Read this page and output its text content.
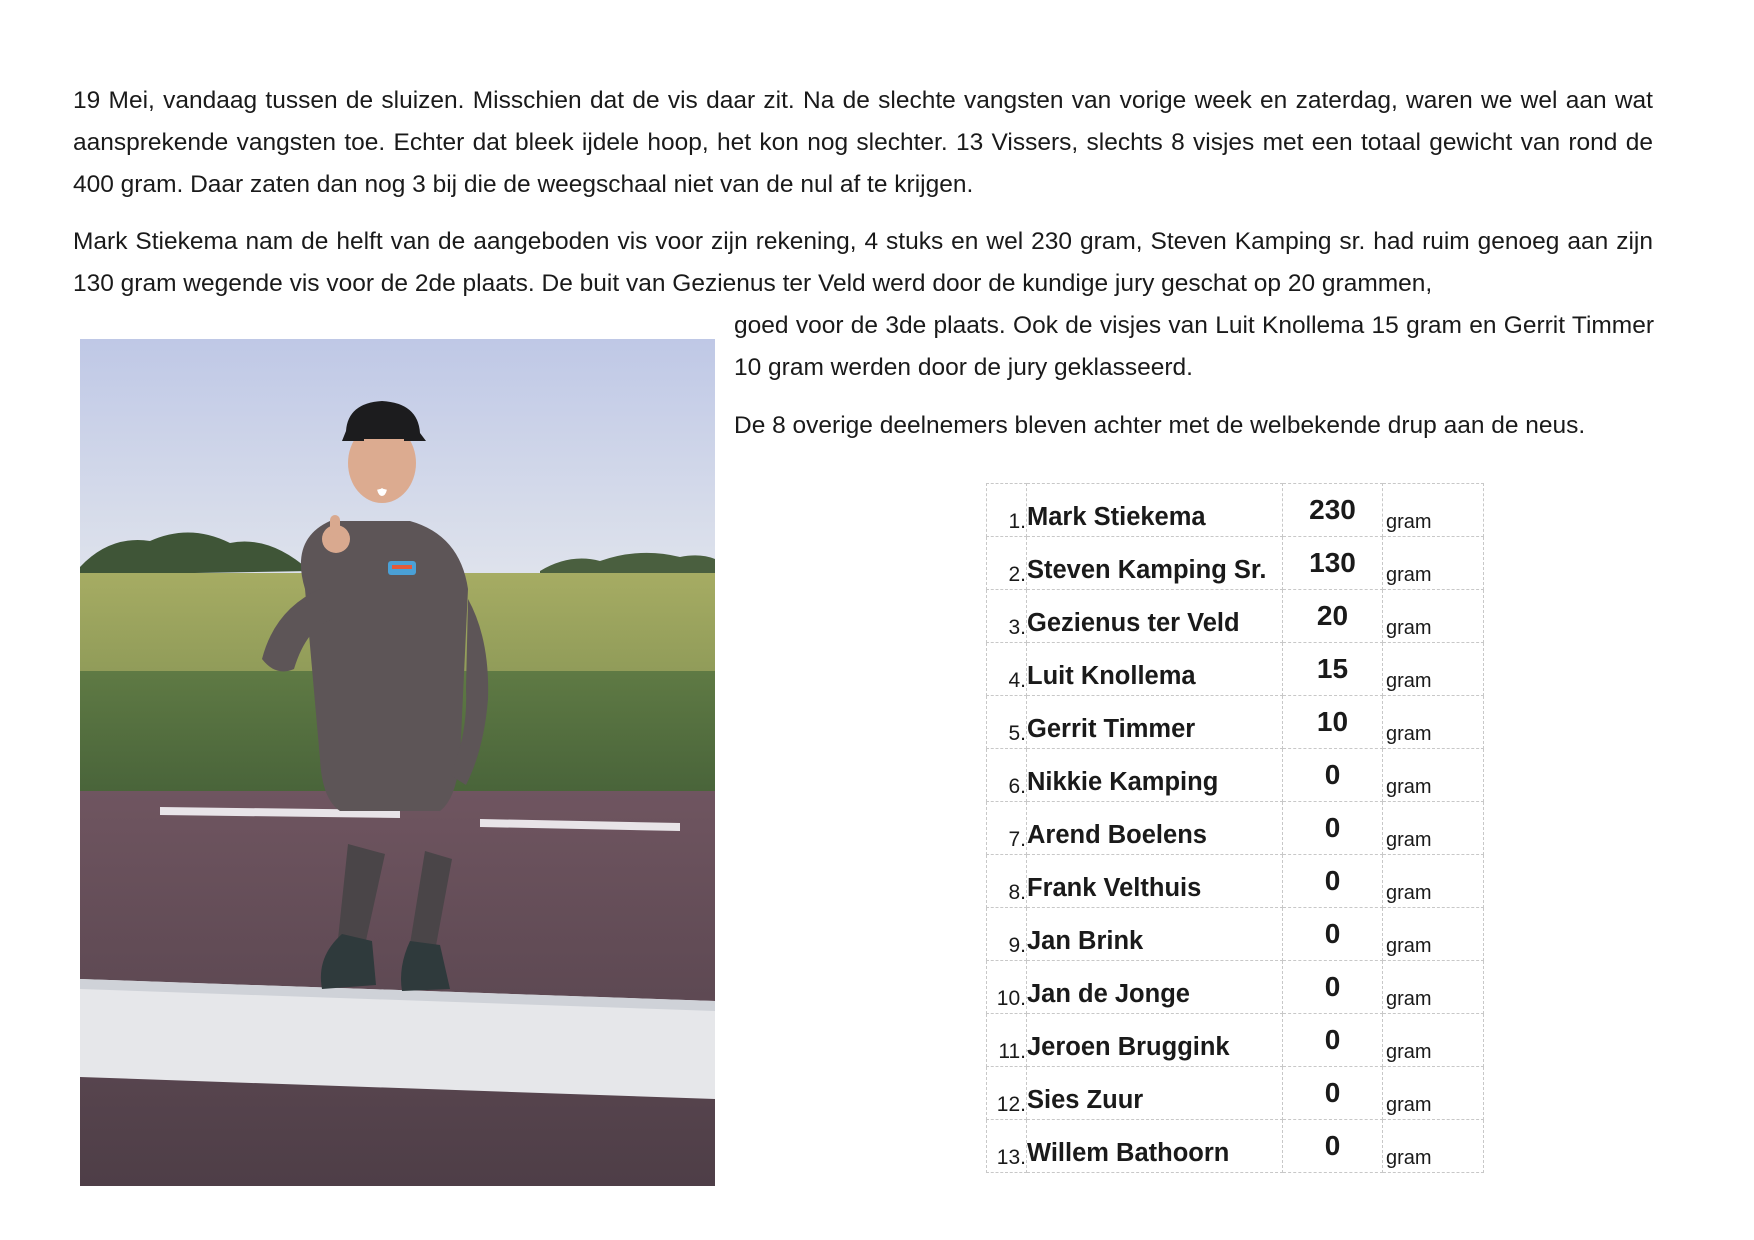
19 Mei, vandaag tussen de sluizen. Misschien dat de vis daar zit. Na de slechte vangsten van vorige week en zaterdag, waren we wel aan wat aansprekende vangsten toe. Echter dat bleek ijdele hoop, het kon nog slechter. 13 Vissers, slechts 8 visjes met een totaal gewicht van rond de 400 gram. Daar zaten dan nog 3 bij die de weegschaal niet van de nul af te krijgen.

Mark Stiekema nam de helft van de aangeboden vis voor zijn rekening, 4 stuks en wel 230 gram, Steven Kamping sr. had ruim genoeg aan zijn 130 gram wegende vis voor de 2de plaats. De buit van Gezienus ter Veld werd door de kundige jury geschat op 20 grammen,

goed voor de 3de plaats. Ook de visjes van Luit Knollema 15 gram en Gerrit Timmer 10 gram werden door de jury geklasseerd.

De 8 overige deelnemers bleven achter met de welbekende drup aan de neus.

1.	Mark Stiekema	230	gram
2.	Steven Kamping Sr.	130	gram
3.	Gezienus ter Veld	20	gram
4.	Luit Knollema	15	gram
5.	Gerrit Timmer	10	gram
6.	Nikkie Kamping	0	gram
7.	Arend Boelens	0	gram
8.	Frank Velthuis	0	gram
9.	Jan Brink	0	gram
10.	Jan de Jonge	0	gram
11.	Jeroen Bruggink	0	gram
12.	Sies Zuur	0	gram
13.	Willem Bathoorn	0	gram
